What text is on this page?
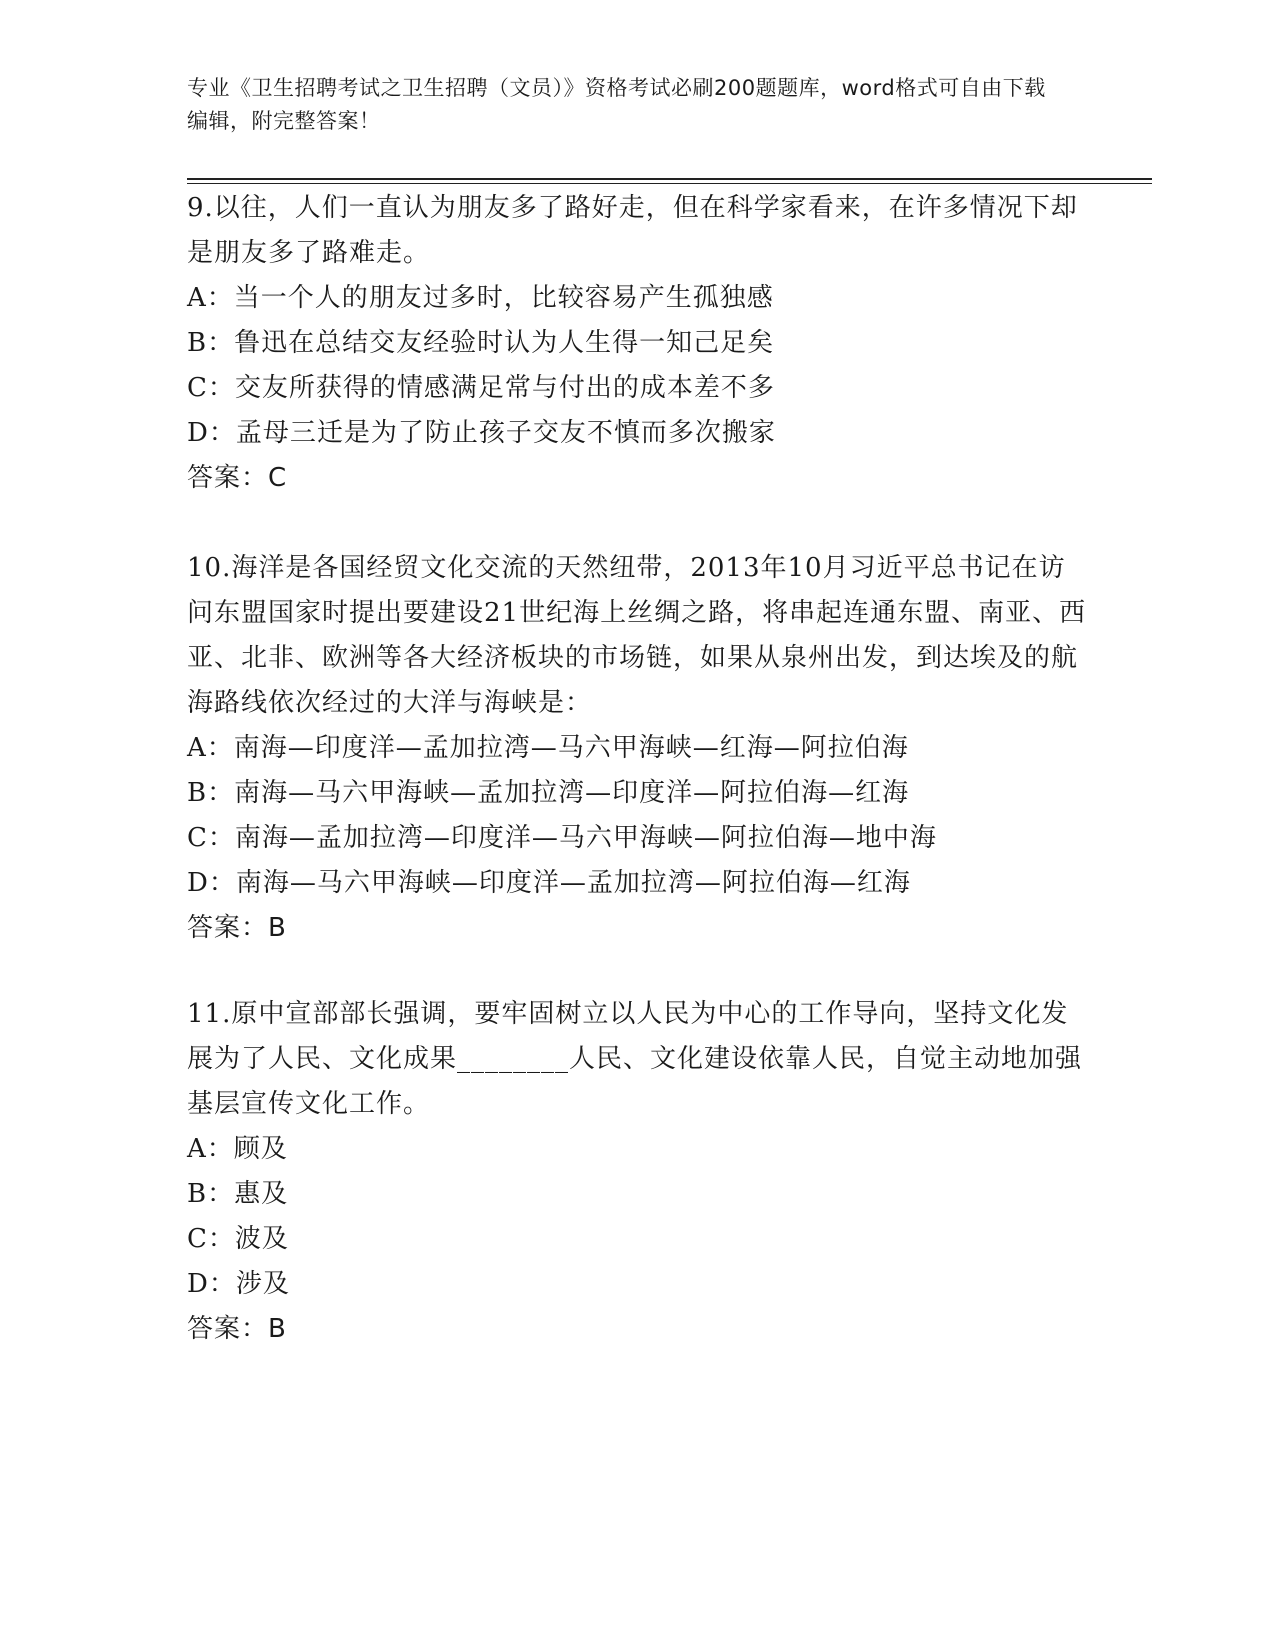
专业《卫生招聘考试之卫生招聘（文员）》资格考试必刷200题题库，word格式可自由下载编辑，附完整答案！

9.以往，人们一直认为朋友多了路好走，但在科学家看来，在许多情况下却是朋友多了路难走。

A：当一个人的朋友过多时，比较容易产生孤独感

B：鲁迅在总结交友经验时认为人生得一知己足矣

C：交友所获得的情感满足常与付出的成本差不多

D：孟母三迁是为了防止孩子交友不慎而多次搬家

答案：C

10.海洋是各国经贸文化交流的天然纽带，2013年10月习近平总书记在访问东盟国家时提出要建设21世纪海上丝绸之路，将串起连通东盟、南亚、西亚、北非、欧洲等各大经济板块的市场链，如果从泉州出发，到达埃及的航海路线依次经过的大洋与海峡是：

A：南海—印度洋—孟加拉湾—马六甲海峡—红海—阿拉伯海

B：南海—马六甲海峡—孟加拉湾—印度洋—阿拉伯海—红海

C：南海—孟加拉湾—印度洋—马六甲海峡—阿拉伯海—地中海

D：南海—马六甲海峡—印度洋—孟加拉湾—阿拉伯海—红海

答案：B

11.原中宣部部长强调，要牢固树立以人民为中心的工作导向，坚持文化发展为了人民、文化成果________人民、文化建设依靠人民，自觉主动地加强基层宣传文化工作。

A：顾及

B：惠及

C：波及

D：涉及

答案：B
